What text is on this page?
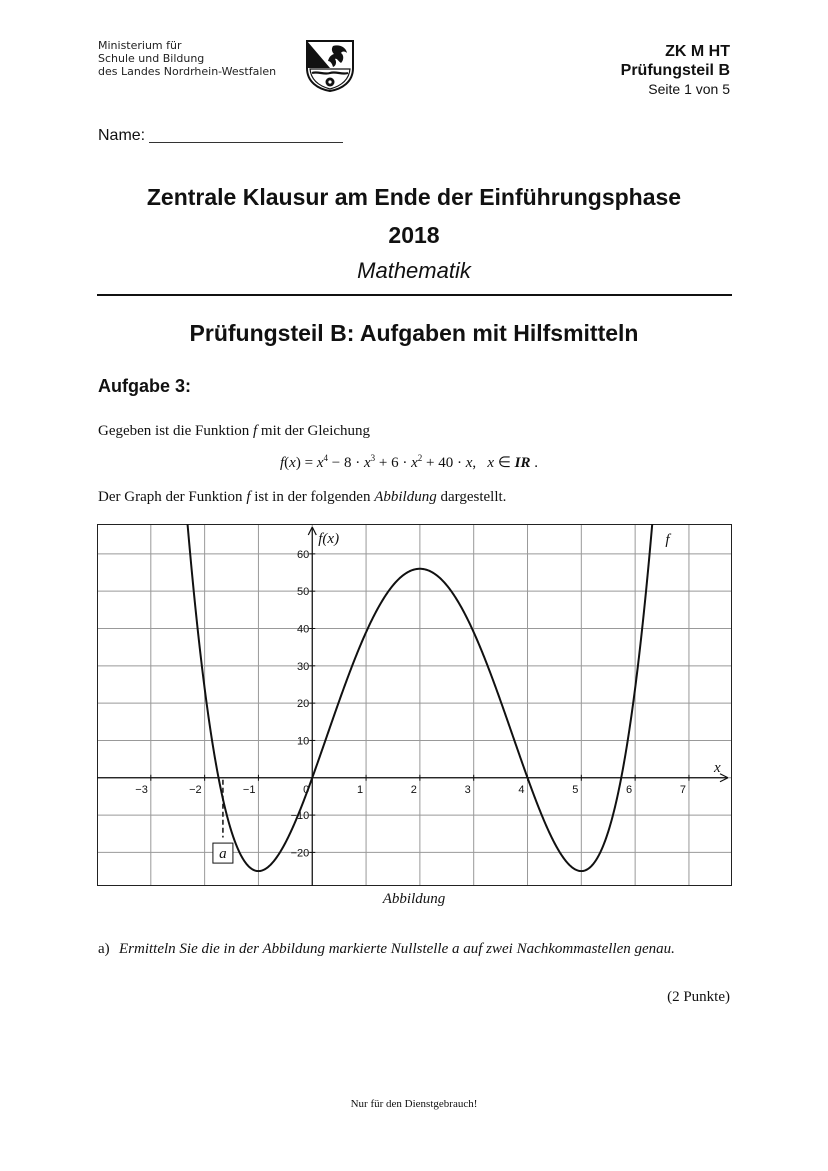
Ministerium für
Schule und Bildung
des Landes Nordrhein-Westfalen
ZK M HT
Prüfungsteil B
Seite 1 von 5
Name:
Zentrale Klausur am Ende der Einführungsphase
2018
Mathematik
Prüfungsteil B: Aufgaben mit Hilfsmitteln
Aufgabe 3:
Gegeben ist die Funktion f mit der Gleichung
$f(x) = x^4 - 8 \cdot x^3 + 6 \cdot x^2 + 40 \cdot x$,   x ∈ IR .
Der Graph der Funktion f ist in der folgenden Abbildung dargestellt.
−3	−2	−1	0	1	2	3	4	5	6	7
−20
−10
10
20
30
40
50
60
f(x)
x
f
a
Abbildung
a) Ermitteln Sie die in der Abbildung markierte Nullstelle a auf zwei Nachkommastellen genau.
(2 Punkte)
Nur für den Dienstgebrauch!
